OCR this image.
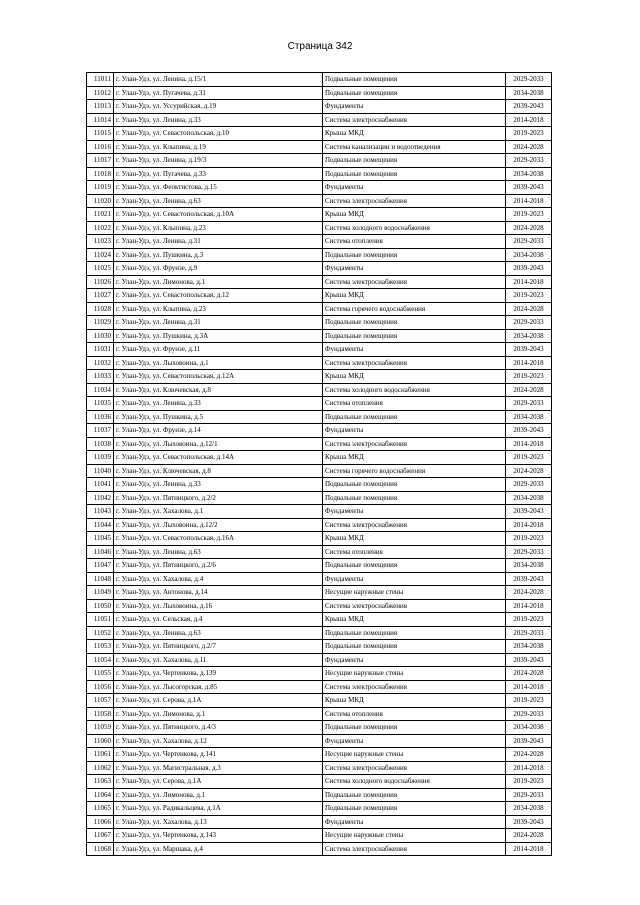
Страница 342
11011	г. Улан-Удэ, ул. Ленина, д.15/1	Подвальные помещения	2029-2033
11012	г. Улан-Удэ, ул. Пугачева, д.31	Подвальные помещения	2034-2038
11013	г. Улан-Удэ, ул. Уссурийская, д.19	Фундаменты	2039-2043
11014	г. Улан-Удэ, ул. Ленина, д.33	Система электроснабжения	2014-2018
11015	г. Улан-Удэ, ул. Севастопольская, д.10	Крыша МКД	2019-2023
11016	г. Улан-Удэ, ул. Клыпина, д.19	Система канализации и водоотведения	2024-2028
11017	г. Улан-Удэ, ул. Ленина, д.19/3	Подвальные помещения	2029-2033
11018	г. Улан-Удэ, ул. Пугачева, д.33	Подвальные помещения	2034-2038
11019	г. Улан-Удэ, ул. Феоктистова, д.15	Фундаменты	2039-2043
11020	г. Улан-Удэ, ул. Ленина, д.63	Система электроснабжения	2014-2018
11021	г. Улан-Удэ, ул. Севастопольская, д.10А	Крыша МКД	2019-2023
11022	г. Улан-Удэ, ул. Клыпина, д.23	Система холодного водоснабжения	2024-2028
11023	г. Улан-Удэ, ул. Ленина, д.31	Система отопления	2029-2033
11024	г. Улан-Удэ, ул. Пушкина, д.3	Подвальные помещения	2034-2038
11025	г. Улан-Удэ, ул. Фрунзе, д.9	Фундаменты	2039-2043
11026	г. Улан-Удэ, ул. Лимонова, д.1	Система электроснабжения	2014-2018
11027	г. Улан-Удэ, ул. Севастопольская, д.12	Крыша МКД	2019-2023
11028	г. Улан-Удэ, ул. Клыпина, д.23	Система горячего водоснабжения	2024-2028
11029	г. Улан-Удэ, ул. Ленина, д.31	Подвальные помещения	2029-2033
11030	г. Улан-Удэ, ул. Пушкина, д.3А	Подвальные помещения	2034-2038
11031	г. Улан-Удэ, ул. Фрунзе, д.11	Фундаменты	2039-2043
11032	г. Улан-Удэ, ул. Лыховоина, д.1	Система электроснабжения	2014-2018
11033	г. Улан-Удэ, ул. Севастопольская, д.12А	Крыша МКД	2019-2023
11034	г. Улан-Удэ, ул. Ключевская, д.8	Система холодного водоснабжения	2024-2028
11035	г. Улан-Удэ, ул. Ленина, д.33	Система отопления	2029-2033
11036	г. Улан-Удэ, ул. Пушкина, д.5	Подвальные помещения	2034-2038
11037	г. Улан-Удэ, ул. Фрунзе, д.14	Фундаменты	2039-2043
11038	г. Улан-Удэ, ул. Лыховоина, д.12/1	Система электроснабжения	2014-2018
11039	г. Улан-Удэ, ул. Севастопольская, д.14А	Крыша МКД	2019-2023
11040	г. Улан-Удэ, ул. Ключевская, д.8	Система горячего водоснабжения	2024-2028
11041	г. Улан-Удэ, ул. Ленина, д.33	Подвальные помещения	2029-2033
11042	г. Улан-Удэ, ул. Пятницкого, д.2/2	Подвальные помещения	2034-2038
11043	г. Улан-Удэ, ул. Хахалова, д.1	Фундаменты	2039-2043
11044	г. Улан-Удэ, ул. Лыховоина, д.12/2	Система электроснабжения	2014-2018
11045	г. Улан-Удэ, ул. Севастопольская, д.16А	Крыша МКД	2019-2023
11046	г. Улан-Удэ, ул. Ленина, д.63	Система отопления	2029-2033
11047	г. Улан-Удэ, ул. Пятницкого, д.2/6	Подвальные помещения	2034-2038
11048	г. Улан-Удэ, ул. Хахалова, д.4	Фундаменты	2039-2043
11049	г. Улан-Удэ, ул. Антонова, д.14	Несущие наружные стены	2024-2028
11050	г. Улан-Удэ, ул. Лыховоина, д.16	Система электроснабжения	2014-2018
11051	г. Улан-Удэ, ул. Сельская, д.4	Крыша МКД	2019-2023
11052	г. Улан-Удэ, ул. Ленина, д.63	Подвальные помещения	2029-2033
11053	г. Улан-Удэ, ул. Пятницкого, д.2/7	Подвальные помещения	2034-2038
11054	г. Улан-Удэ, ул. Хахалова, д.11	Фундаменты	2039-2043
11055	г. Улан-Удэ, ул. Чертенкова, д.139	Несущие наружные стены	2024-2028
11056	г. Улан-Удэ, ул. Лысогорская, д.85	Система электроснабжения	2014-2018
11057	г. Улан-Удэ, ул. Серова, д.1А	Крыша МКД	2019-2023
11058	г. Улан-Удэ, ул. Лимонова, д.1	Система отопления	2029-2033
11059	г. Улан-Удэ, ул. Пятницкого, д.4/3	Подвальные помещения	2034-2038
11060	г. Улан-Удэ, ул. Хахалова, д.12	Фундаменты	2039-2043
11061	г. Улан-Удэ, ул. Чертенкова, д.141	Несущие наружные стены	2024-2028
11062	г. Улан-Удэ, ул. Магистральная, д.3	Система электроснабжения	2014-2018
11063	г. Улан-Удэ, ул. Серова, д.1А	Система холодного водоснабжения	2019-2023
11064	г. Улан-Удэ, ул. Лимонова, д.1	Подвальные помещения	2029-2033
11065	г. Улан-Удэ, ул. Радикальцева, д.1А	Подвальные помещения	2034-2038
11066	г. Улан-Удэ, ул. Хахалова, д.13	Фундаменты	2039-2043
11067	г. Улан-Удэ, ул. Чертенкова, д.143	Несущие наружные стены	2024-2028
11068	г. Улан-Удэ, ул. Маршака, д.4	Система электроснабжения	2014-2018
